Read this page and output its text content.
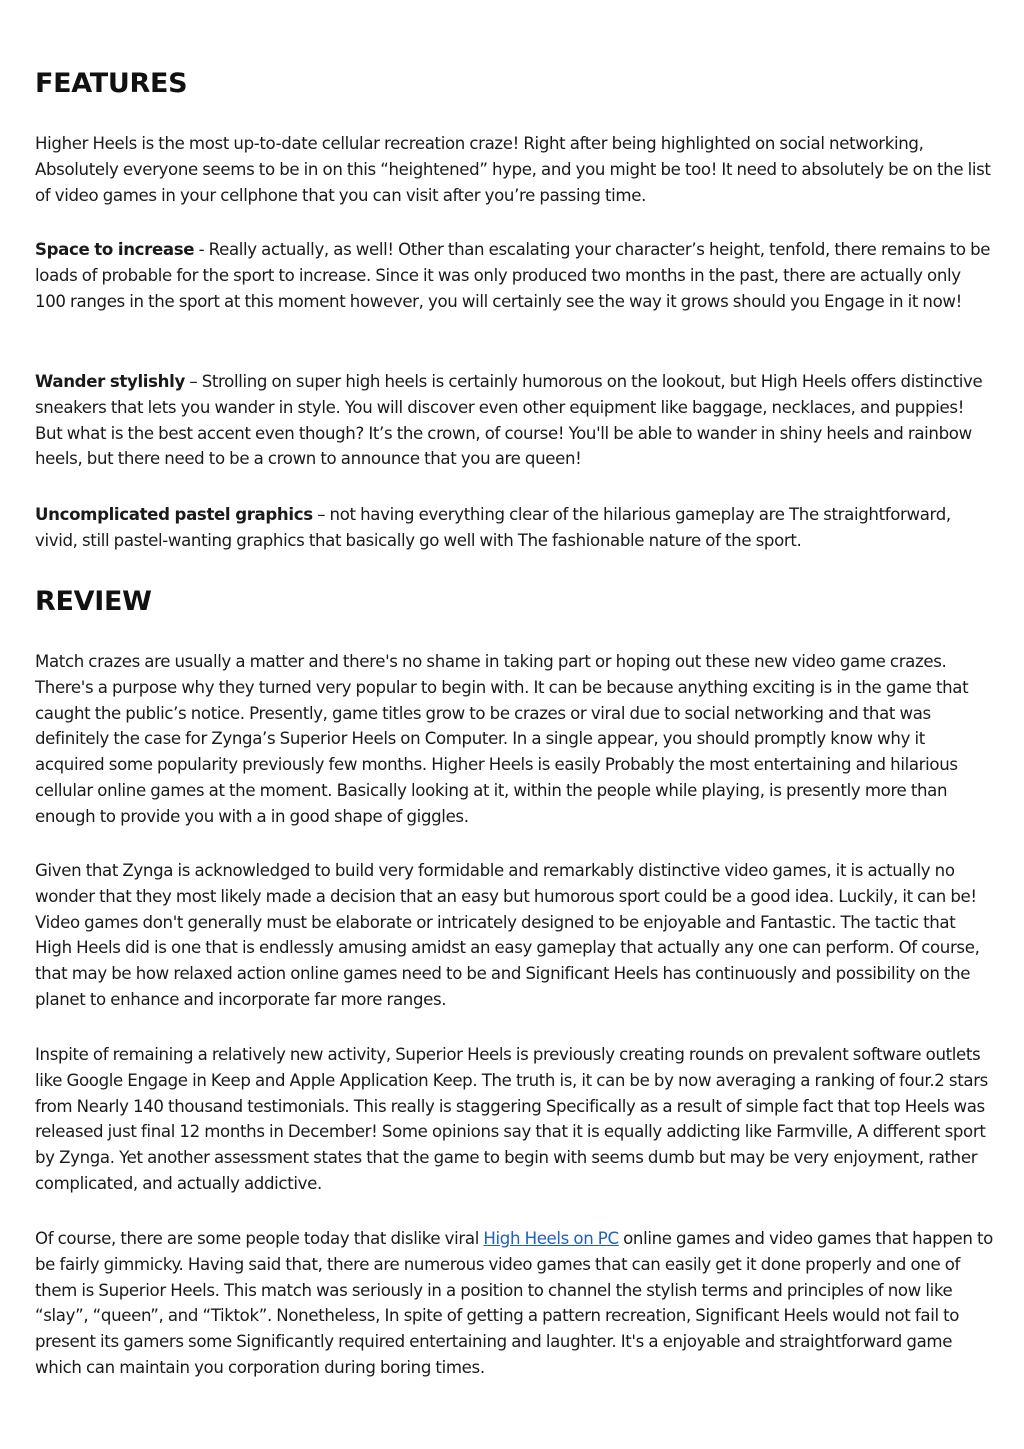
FEATURES

Higher Heels is the most up-to-date cellular recreation craze! Right after being highlighted on social networking, Absolutely everyone seems to be in on this “heightened” hype, and you might be too! It need to absolutely be on the list of video games in your cellphone that you can visit after you’re passing time.

Space to increase - Really actually, as well! Other than escalating your character’s height, tenfold, there remains to be loads of probable for the sport to increase. Since it was only produced two months in the past, there are actually only 100 ranges in the sport at this moment however, you will certainly see the way it grows should you Engage in it now!

Wander stylishly – Strolling on super high heels is certainly humorous on the lookout, but High Heels offers distinctive sneakers that lets you wander in style. You will discover even other equipment like baggage, necklaces, and puppies! But what is the best accent even though? It’s the crown, of course! You'll be able to wander in shiny heels and rainbow heels, but there need to be a crown to announce that you are queen!

Uncomplicated pastel graphics – not having everything clear of the hilarious gameplay are The straightforward, vivid, still pastel-wanting graphics that basically go well with The fashionable nature of the sport.

REVIEW

Match crazes are usually a matter and there's no shame in taking part or hoping out these new video game crazes. There's a purpose why they turned very popular to begin with. It can be because anything exciting is in the game that caught the public’s notice. Presently, game titles grow to be crazes or viral due to social networking and that was definitely the case for Zynga’s Superior Heels on Computer. In a single appear, you should promptly know why it acquired some popularity previously few months. Higher Heels is easily Probably the most entertaining and hilarious cellular online games at the moment. Basically looking at it, within the people while playing, is presently more than enough to provide you with a in good shape of giggles.

Given that Zynga is acknowledged to build very formidable and remarkably distinctive video games, it is actually no wonder that they most likely made a decision that an easy but humorous sport could be a good idea. Luckily, it can be! Video games don't generally must be elaborate or intricately designed to be enjoyable and Fantastic. The tactic that High Heels did is one that is endlessly amusing amidst an easy gameplay that actually any one can perform. Of course, that may be how relaxed action online games need to be and Significant Heels has continuously and possibility on the planet to enhance and incorporate far more ranges.

Inspite of remaining a relatively new activity, Superior Heels is previously creating rounds on prevalent software outlets like Google Engage in Keep and Apple Application Keep. The truth is, it can be by now averaging a ranking of four.2 stars from Nearly 140 thousand testimonials. This really is staggering Specifically as a result of simple fact that top Heels was released just final 12 months in December! Some opinions say that it is equally addicting like Farmville, A different sport by Zynga. Yet another assessment states that the game to begin with seems dumb but may be very enjoyment, rather complicated, and actually addictive.

Of course, there are some people today that dislike viral High Heels on PC online games and video games that happen to be fairly gimmicky. Having said that, there are numerous video games that can easily get it done properly and one of them is Superior Heels. This match was seriously in a position to channel the stylish terms and principles of now like “slay”, “queen”, and “Tiktok”. Nonetheless, In spite of getting a pattern recreation, Significant Heels would not fail to present its gamers some Significantly required entertaining and laughter. It's a enjoyable and straightforward game which can maintain you corporation during boring times.
